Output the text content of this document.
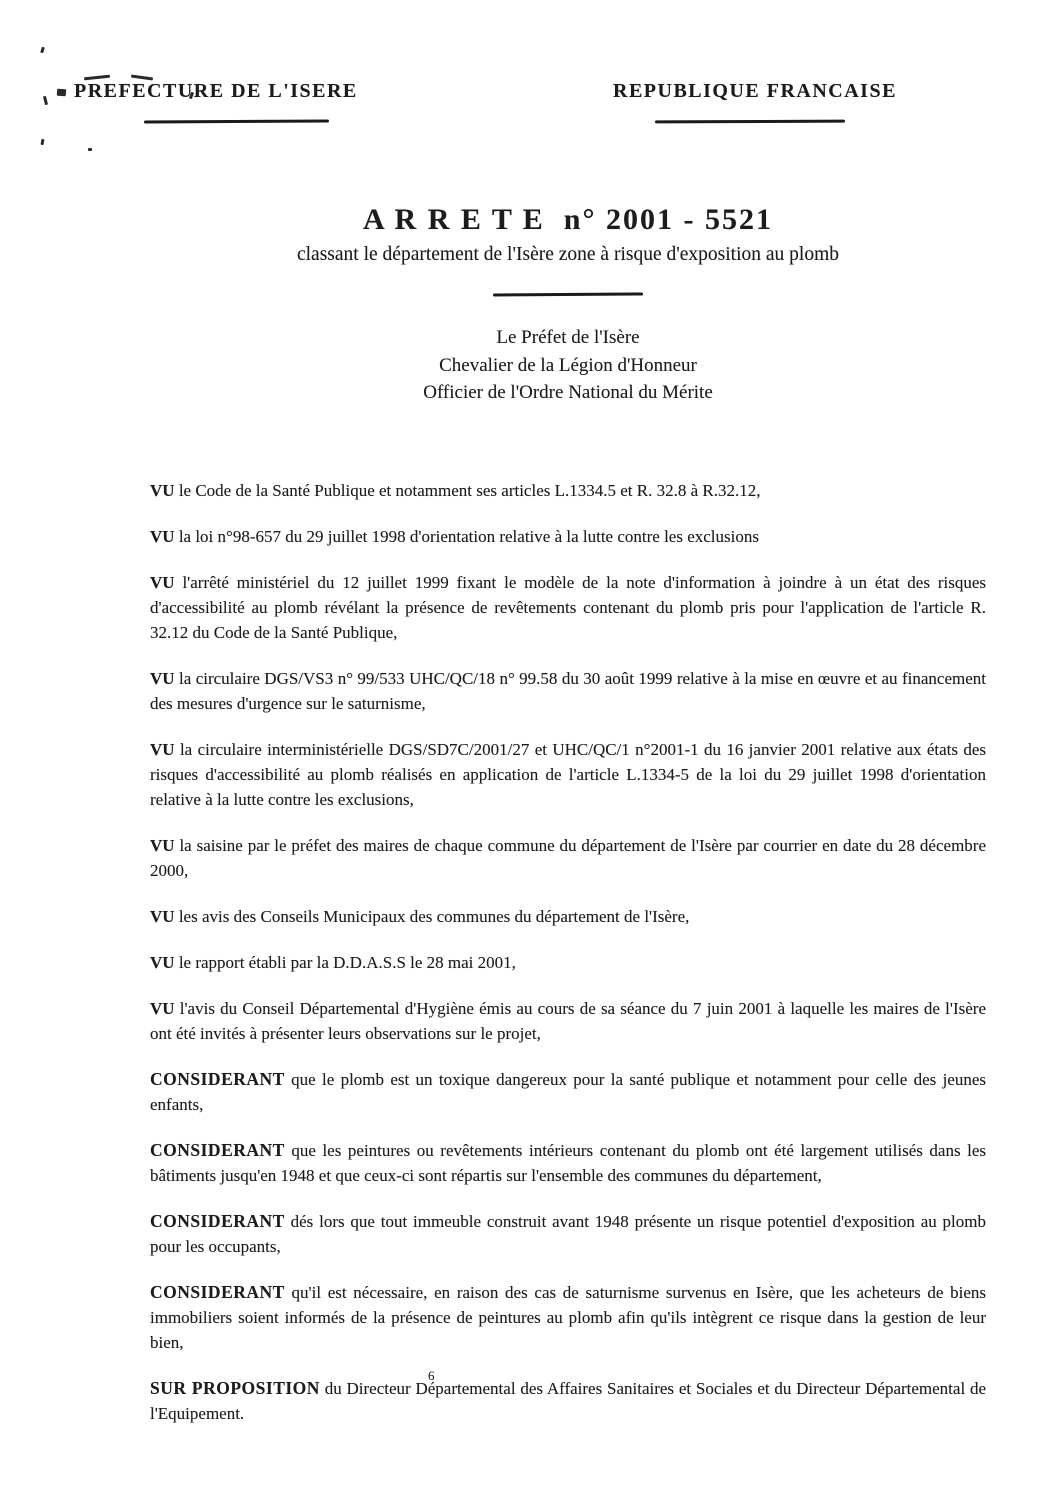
PREFECTURE DE L'ISERE	REPUBLIQUE FRANCAISE
A R R E T E  n° 2001 - 5521
classant le département de l'Isère zone à risque d'exposition au plomb
Le Préfet de l'Isère
Chevalier de la Légion d'Honneur
Officier de l'Ordre National du Mérite
6

VU le Code de la Santé Publique et notamment ses articles L.1334.5 et R. 32.8 à R.32.12,

VU la loi n°98-657 du 29 juillet 1998 d'orientation relative à la lutte contre les exclusions

VU l'arrêté ministériel du 12 juillet 1999 fixant le modèle de la note d'information à joindre à un état des risques d'accessibilité au plomb révélant la présence de revêtements contenant du plomb pris pour l'application de l'article R. 32.12 du Code de la Santé Publique,

VU la circulaire DGS/VS3 n° 99/533 UHC/QC/18 n° 99.58 du 30 août 1999 relative à la mise en œuvre et au financement des mesures d'urgence sur le saturnisme,

VU la circulaire interministérielle DGS/SD7C/2001/27 et UHC/QC/1 n°2001-1 du 16 janvier 2001 relative aux états des risques d'accessibilité au plomb réalisés en application de l'article L.1334-5 de la loi du 29 juillet 1998 d'orientation relative à la lutte contre les exclusions,

VU la saisine par le préfet des maires de chaque commune du département de l'Isère par courrier en date du 28 décembre 2000,

VU les avis des Conseils Municipaux des communes du département de l'Isère,

VU le rapport établi par la D.D.A.S.S le 28 mai 2001,

VU l'avis du Conseil Départemental d'Hygiène émis au cours de sa séance du 7 juin 2001 à laquelle les maires de l'Isère ont été invités à présenter leurs observations sur le projet,

CONSIDERANT que le plomb est un toxique dangereux pour la santé publique et notamment pour celle des jeunes enfants,

CONSIDERANT que les peintures ou revêtements intérieurs contenant du plomb ont été largement utilisés dans les bâtiments jusqu'en 1948 et que ceux-ci sont répartis sur l'ensemble des communes du département,

CONSIDERANT dés lors que tout immeuble construit avant 1948 présente un risque potentiel d'exposition au plomb pour les occupants,

CONSIDERANT qu'il est nécessaire, en raison des cas de saturnisme survenus en Isère, que les acheteurs de biens immobiliers soient informés de la présence de peintures au plomb afin qu'ils intègrent ce risque dans la gestion de leur bien,

SUR PROPOSITION du Directeur Départemental des Affaires Sanitaires et Sociales et du Directeur Départemental de l'Equipement.
